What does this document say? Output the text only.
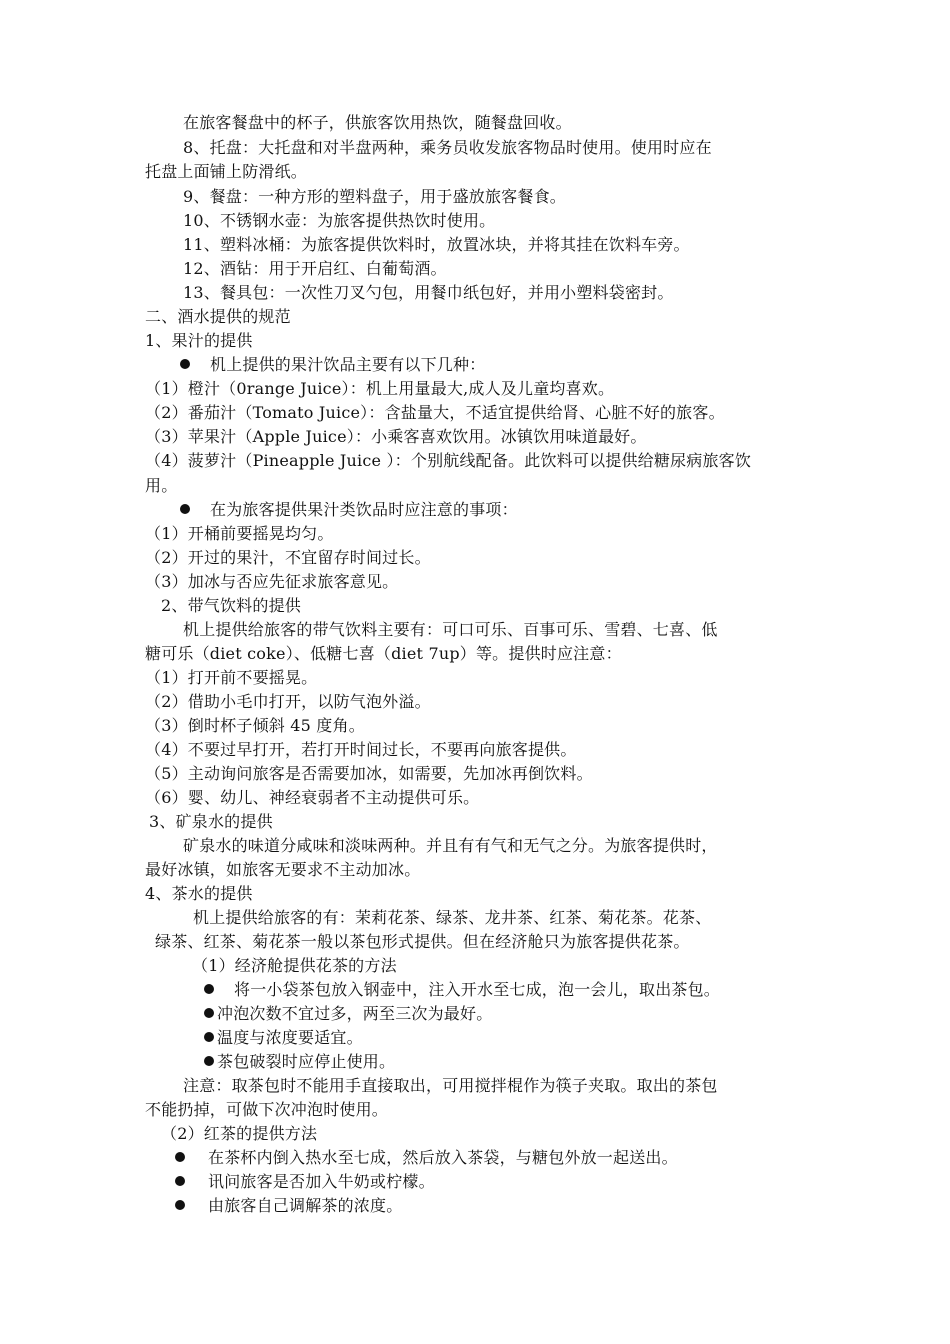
在旅客餐盘中的杯子，供旅客饮用热饮，随餐盘回收。
8、托盘：大托盘和对半盘两种，乘务员收发旅客物品时使用。使用时应在
托盘上面铺上防滑纸。
9、餐盘：一种方形的塑料盘子，用于盛放旅客餐食。
10、不锈钢水壶：为旅客提供热饮时使用。
11、塑料冰桶：为旅客提供饮料时，放置冰块，并将其挂在饮料车旁。
12、酒钻：用于开启红、白葡萄酒。
13、餐具包：一次性刀叉勺包，用餐巾纸包好，并用小塑料袋密封。
二、酒水提供的规范
1、果汁的提供
机上提供的果汁饮品主要有以下几种：
（1）橙汁（0range Juice）：机上用量最大,成人及儿童均喜欢。
（2）番茄汁（Tomato Juice）：含盐量大，不适宜提供给肾、心脏不好的旅客。
（3）苹果汁（Apple Juice）：小乘客喜欢饮用。冰镇饮用味道最好。
（4）菠萝汁（Pineapple Juice ）：个别航线配备。此饮料可以提供给糖尿病旅客饮
用。
在为旅客提供果汁类饮品时应注意的事项：
（1）开桶前要摇晃均匀。
（2）开过的果汁，不宜留存时间过长。
（3）加冰与否应先征求旅客意见。
2、带气饮料的提供
机上提供给旅客的带气饮料主要有：可口可乐、百事可乐、雪碧、七喜、低
糖可乐（diet coke）、低糖七喜（diet 7up）等。提供时应注意：
（1）打开前不要摇晃。
（2）借助小毛巾打开，以防气泡外溢。
（3）倒时杯子倾斜 45 度角。
（4）不要过早打开，若打开时间过长，不要再向旅客提供。
（5）主动询问旅客是否需要加冰，如需要，先加冰再倒饮料。
（6）婴、幼儿、神经衰弱者不主动提供可乐。
3、矿泉水的提供
矿泉水的味道分咸味和淡味两种。并且有有气和无气之分。为旅客提供时，
最好冰镇，如旅客无要求不主动加冰。
4、茶水的提供
机上提供给旅客的有：茉莉花茶、绿茶、龙井茶、红茶、菊花茶。花茶、
绿茶、红茶、菊花茶一般以茶包形式提供。但在经济舱只为旅客提供花茶。
（1）经济舱提供花茶的方法
将一小袋茶包放入钢壶中，注入开水至七成，泡一会儿，取出茶包。
冲泡次数不宜过多，两至三次为最好。
温度与浓度要适宜。
茶包破裂时应停止使用。
注意：取茶包时不能用手直接取出，可用搅拌棍作为筷子夹取。取出的茶包
不能扔掉，可做下次冲泡时使用。
（2）红茶的提供方法
在茶杯内倒入热水至七成，然后放入茶袋，与糖包外放一起送出。
讯问旅客是否加入牛奶或柠檬。
由旅客自己调解茶的浓度。
